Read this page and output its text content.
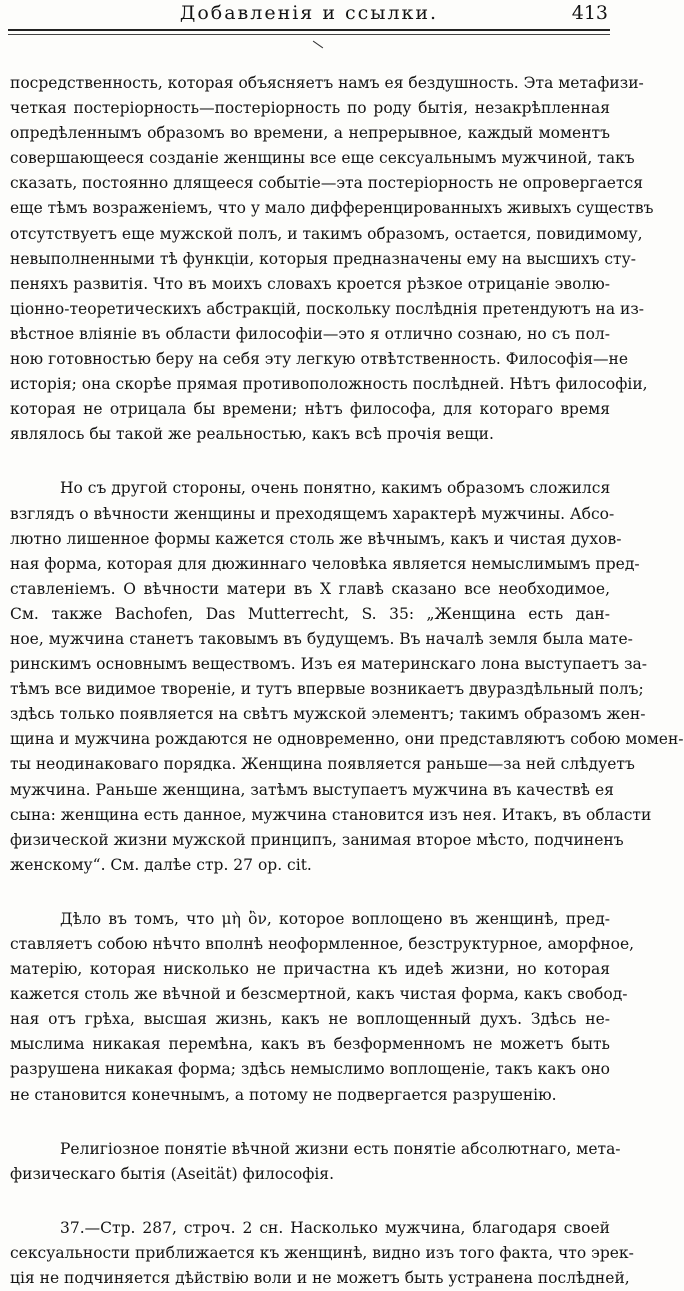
Добавленія и ссылки.	413
посредственность, которая объясняетъ намъ ея бездушность. Эта метафизи-
четкая постеріорность—постеріорность по роду бытія, незакрѣпленная
опредѣленнымъ образомъ во времени, а непрерывное, каждый моментъ
совершающееся созданіе женщины все еще сексуальнымъ мужчиной, такъ
сказать, постоянно длящееся событіе—эта постеріорность не опровергается
еще тѣмъ возраженіемъ, что у мало дифференцированныхъ живыхъ существъ
отсутствуетъ еще мужской полъ, и такимъ образомъ, остается, повидимому,
невыполненными тѣ функціи, которыя предназначены ему на высшихъ сту-
пеняхъ развитія. Что въ моихъ словахъ кроется рѣзкое отрицаніе эволю-
ціонно-теоретическихъ абстракцій, поскольку послѣднія претендуютъ на из-
вѣстное вліяніе въ области философіи—это я отлично сознаю, но съ пол-
ною готовностью беру на себя эту легкую отвѣтственность. Философія—не
исторія; она скорѣе прямая противоположность послѣдней. Нѣтъ философіи,
которая не отрицала бы времени; нѣтъ философа, для котораго время
являлось бы такой же реальностью, какъ всѣ прочія вещи.
Но съ другой стороны, очень понятно, какимъ образомъ сложился
взглядъ о вѣчности женщины и преходящемъ характерѣ мужчины. Абсо-
лютно лишенное формы кажется столь же вѣчнымъ, какъ и чистая духов-
ная форма, которая для дюжиннаго человѣка является немыслимымъ пред-
ставленіемъ. О вѣчности матери въ X главѣ сказано все необходимое,
См. также Bachofen, Das Mutterrecht, S. 35: „Женщина есть дан-
ное, мужчина станетъ таковымъ въ будущемъ. Въ началѣ земля была мате-
ринскимъ основнымъ веществомъ. Изъ ея материнскаго лона выступаетъ за-
тѣмъ все видимое твореніе, и тутъ впервые возникаетъ двураздѣльный полъ;
здѣсь только появляется на свѣтъ мужской элементъ; такимъ образомъ жен-
щина и мужчина рождаются не одновременно, они представляютъ собою момен-
ты неодинаковаго порядка. Женщина появляется раньше—за ней слѣдуетъ
мужчина. Раньше женщина, затѣмъ выступаетъ мужчина въ качествѣ ея
сына: женщина есть данное, мужчина становится изъ нея. Итакъ, въ области
физической жизни мужской принципъ, занимая второе мѣсто, подчиненъ
женскому“. См. далѣе стр. 27 op. cit.
Дѣло въ томъ, что μὴ ὂν, которое воплощено въ женщинѣ, пред-
ставляетъ собою нѣчто вполнѣ неоформленное, безструктурное, аморфное,
матерію, которая нисколько не причастна къ идеѣ жизни, но которая
кажется столь же вѣчной и безсмертной, какъ чистая форма, какъ свобод-
ная отъ грѣха, высшая жизнь, какъ не воплощенный духъ. Здѣсь не-
мыслима никакая перемѣна, какъ въ безформенномъ не можетъ быть
разрушена никакая форма; здѣсь немыслимо воплощеніе, такъ какъ оно
не становится конечнымъ, а потому не подвергается разрушенію.
Религіозное понятіе вѣчной жизни есть понятіе абсолютнаго, мета-
физическаго бытія (Aseität) философія.
37.—Стр. 287, строч. 2 сн. Насколько мужчина, благодаря своей
сексуальности приближается къ женщинѣ, видно изъ того факта, что эрек-
ція не подчиняется дѣйствію воли и не можетъ быть устранена послѣдней,
